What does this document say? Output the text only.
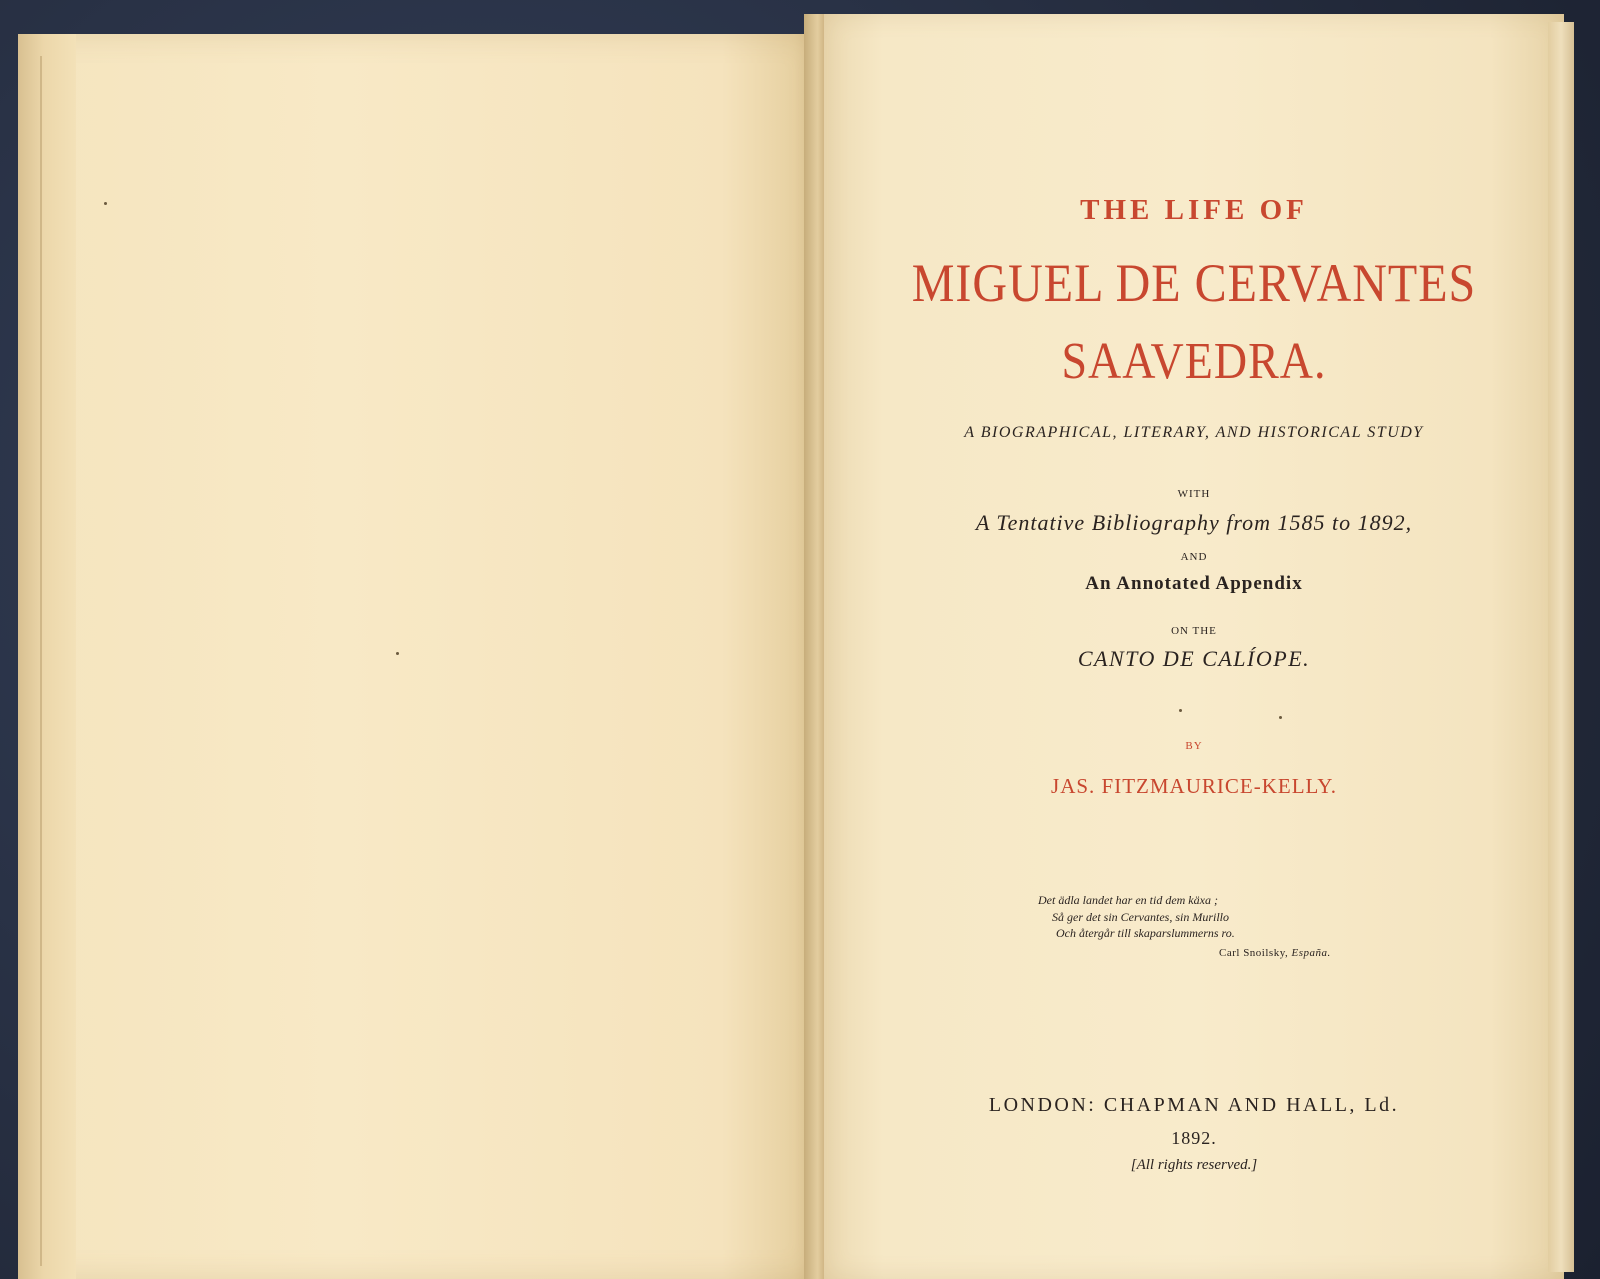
THE LIFE OF
MIGUEL DE CERVANTES
SAAVEDRA.
A BIOGRAPHICAL, LITERARY, AND HISTORICAL STUDY
WITH
A Tentative Bibliography from 1585 to 1892,
AND
An Annotated Appendix
ON THE
CANTO DE CALÍOPE.
BY
JAS. FITZMAURICE-KELLY.
Det ädla landet har en tid dem käxa ;
Så ger det sin Cervantes, sin Murillo
Och återgår till skaparslummerns ro.
Carl Snoilsky, España.
LONDON: CHAPMAN AND HALL, Ld.
1892.
[All rights reserved.]
